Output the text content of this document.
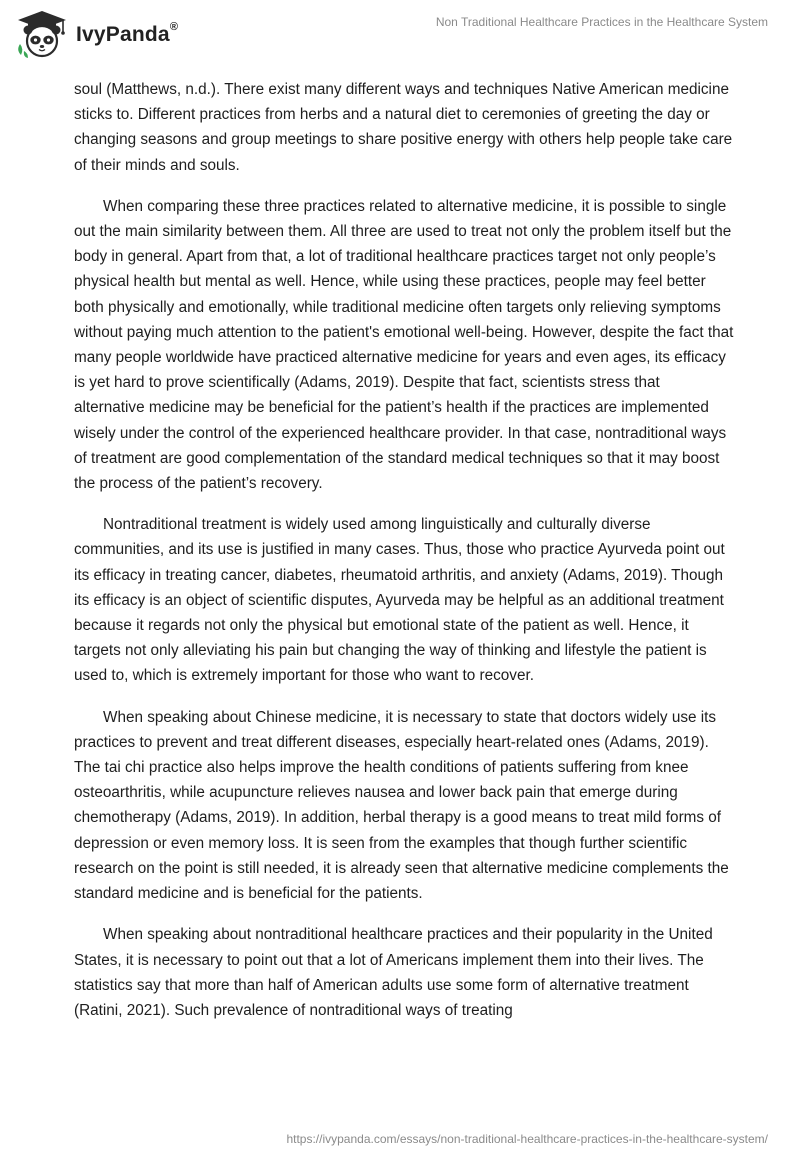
IvyPanda®	Non Traditional Healthcare Practices in the Healthcare System

soul (Matthews, n.d.). There exist many different ways and techniques Native American medicine sticks to. Different practices from herbs and a natural diet to ceremonies of greeting the day or changing seasons and group meetings to share positive energy with others help people take care of their minds and souls.

When comparing these three practices related to alternative medicine, it is possible to single out the main similarity between them. All three are used to treat not only the problem itself but the body in general. Apart from that, a lot of traditional healthcare practices target not only people’s physical health but mental as well. Hence, while using these practices, people may feel better both physically and emotionally, while traditional medicine often targets only relieving symptoms without paying much attention to the patient's emotional well-being. However, despite the fact that many people worldwide have practiced alternative medicine for years and even ages, its efficacy is yet hard to prove scientifically (Adams, 2019). Despite that fact, scientists stress that alternative medicine may be beneficial for the patient’s health if the practices are implemented wisely under the control of the experienced healthcare provider. In that case, nontraditional ways of treatment are good complementation of the standard medical techniques so that it may boost the process of the patient’s recovery.

Nontraditional treatment is widely used among linguistically and culturally diverse communities, and its use is justified in many cases. Thus, those who practice Ayurveda point out its efficacy in treating cancer, diabetes, rheumatoid arthritis, and anxiety (Adams, 2019). Though its efficacy is an object of scientific disputes, Ayurveda may be helpful as an additional treatment because it regards not only the physical but emotional state of the patient as well. Hence, it targets not only alleviating his pain but changing the way of thinking and lifestyle the patient is used to, which is extremely important for those who want to recover.

When speaking about Chinese medicine, it is necessary to state that doctors widely use its practices to prevent and treat different diseases, especially heart-related ones (Adams, 2019). The tai chi practice also helps improve the health conditions of patients suffering from knee osteoarthritis, while acupuncture relieves nausea and lower back pain that emerge during chemotherapy (Adams, 2019). In addition, herbal therapy is a good means to treat mild forms of depression or even memory loss. It is seen from the examples that though further scientific research on the point is still needed, it is already seen that alternative medicine complements the standard medicine and is beneficial for the patients.

When speaking about nontraditional healthcare practices and their popularity in the United States, it is necessary to point out that a lot of Americans implement them into their lives. The statistics say that more than half of American adults use some form of alternative treatment (Ratini, 2021). Such prevalence of nontraditional ways of treating

https://ivypanda.com/essays/non-traditional-healthcare-practices-in-the-healthcare-system/
